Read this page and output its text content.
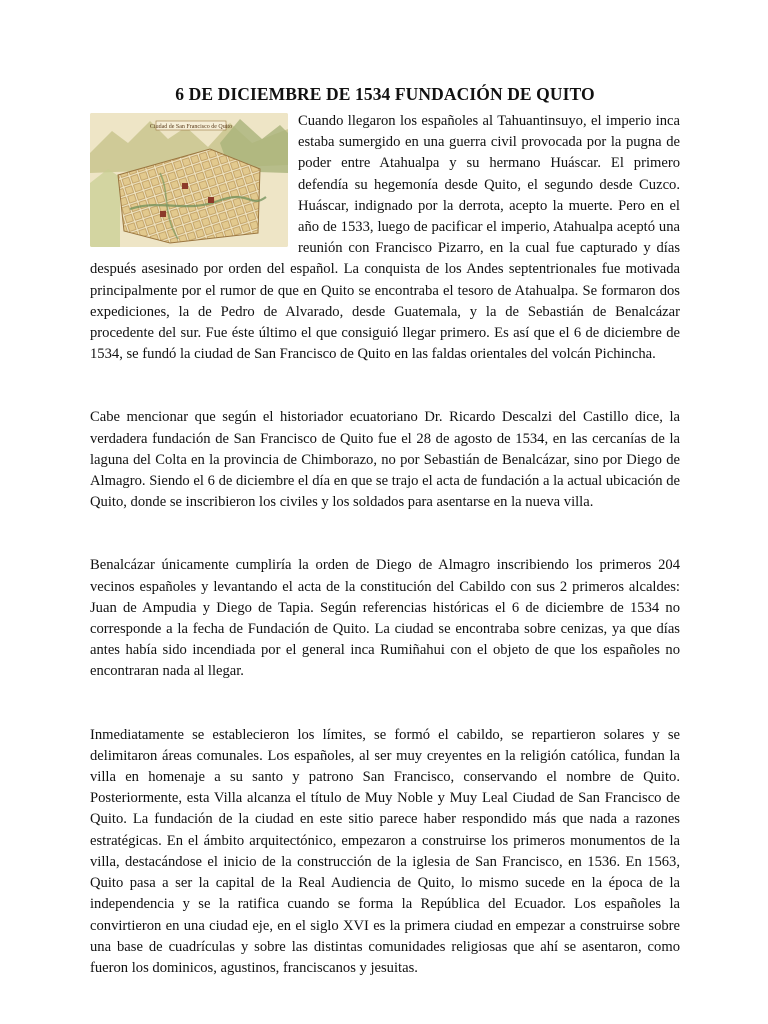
6 DE DICIEMBRE DE 1534 FUNDACIÓN DE QUITO

Ciudad de San Francisco de Quito	Cuando llegaron los españoles al Tahuantinsuyo, el imperio inca estaba sumergido en una guerra civil provocada por la pugna de poder entre Atahualpa y su hermano Huáscar. El primero defendía su hegemonía desde Quito, el segundo desde Cuzco. Huáscar, indignado por la derrota, acepto la muerte. Pero en el año de 1533, luego de pacificar el imperio, Atahualpa aceptó una reunión con Francisco Pizarro, en la cual fue capturado y días después asesinado por orden del español. La conquista de los Andes septentrionales fue motivada principalmente por el rumor de que en Quito se encontraba el tesoro de Atahualpa. Se formaron dos expediciones, la de Pedro de Alvarado, desde Guatemala, y la de Sebastián de Benalcázar procedente del sur. Fue éste último el que consiguió llegar primero. Es así que el 6 de diciembre de 1534, se fundó la ciudad de San Francisco de Quito en las faldas orientales del volcán Pichincha.

Cabe mencionar que según el historiador ecuatoriano Dr. Ricardo Descalzi del Castillo dice, la verdadera fundación de San Francisco de Quito fue el 28 de agosto de 1534, en las cercanías de la laguna del Colta en la provincia de Chimborazo, no por Sebastián de Benalcázar, sino por Diego de Almagro. Siendo el 6 de diciembre el día en que se trajo el acta de fundación a la actual ubicación de Quito, donde se inscribieron los civiles y los soldados para asentarse en la nueva villa.

Benalcázar únicamente cumpliría la orden de Diego de Almagro inscribiendo los primeros 204 vecinos españoles y levantando el acta de la constitución del Cabildo con sus 2 primeros alcaldes: Juan de Ampudia y Diego de Tapia. Según referencias históricas el 6 de diciembre de 1534 no corresponde a la fecha de Fundación de Quito. La ciudad se encontraba sobre cenizas, ya que días antes había sido incendiada por el general inca Rumiñahui con el objeto de que los españoles no encontraran nada al llegar.

Inmediatamente se establecieron los límites, se formó el cabildo, se repartieron solares y se delimitaron áreas comunales. Los españoles, al ser muy creyentes en la religión católica, fundan la villa en homenaje a su santo y patrono San Francisco, conservando el nombre de Quito. Posteriormente, esta Villa alcanza el título de Muy Noble y Muy Leal Ciudad de San Francisco de Quito. La fundación de la ciudad en este sitio parece haber respondido más que nada a razones estratégicas. En el ámbito arquitectónico, empezaron a construirse los primeros monumentos de la villa, destacándose el inicio de la construcción de la iglesia de San Francisco, en 1536. En 1563, Quito pasa a ser la capital de la Real Audiencia de Quito, lo mismo sucede en la época de la independencia y se la ratifica cuando se forma la República del Ecuador. Los españoles la convirtieron en una ciudad eje, en el siglo XVI es la primera ciudad en empezar a construirse sobre una base de cuadrículas y sobre las distintas comunidades religiosas que ahí se asentaron, como fueron los dominicos, agustinos, franciscanos y jesuitas.
